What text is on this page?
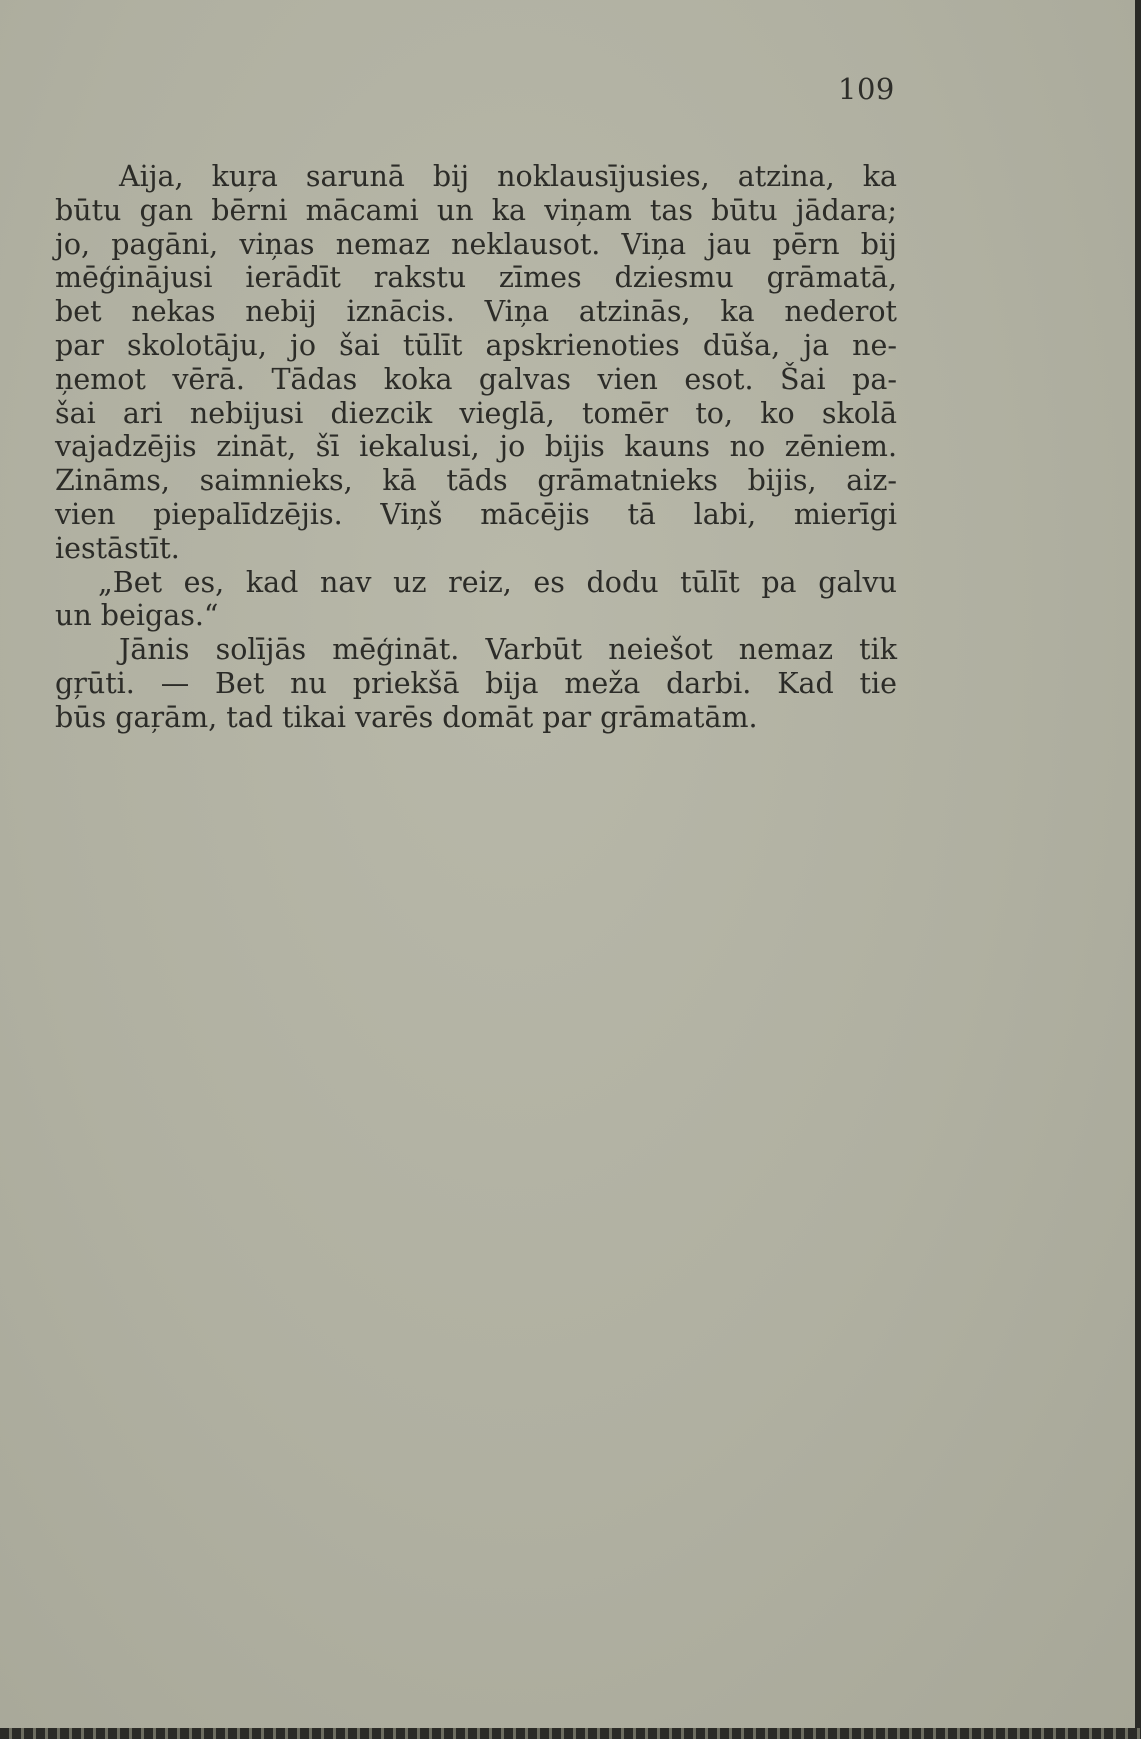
109
Aija, kuŗa sarunā bij noklausījusies, atzina, ka
būtu gan bērni mācami un ka viņam tas būtu jādara;
jo, pagāni, viņas nemaz neklausot. Viņa jau pērn bij
mēģinājusi ierādīt rakstu zīmes dziesmu grāmatā,
bet nekas nebij iznācis. Viņa atzinās, ka nederot
par skolotāju, jo šai tūlīt apskrienoties dūša, ja ne-
ņemot vērā. Tādas koka galvas vien esot. Šai pa-
šai ari nebijusi diezcik vieglā, tomēr to, ko skolā
vajadzējis zināt, šī iekalusi, jo bijis kauns no zēniem.
Zināms, saimnieks, kā tāds grāmatnieks bijis, aiz-
vien piepalīdzējis. Viņš mācējis tā labi, mierīgi
iestāstīt.
„Bet es, kad nav uz reiz, es dodu tūlīt pa galvu
un beigas.“
Jānis solījās mēģināt. Varbūt neiešot nemaz tik
gŗūti. — Bet nu priekšā bija meža darbi. Kad tie
būs gaŗām, tad tikai varēs domāt par grāmatām.
